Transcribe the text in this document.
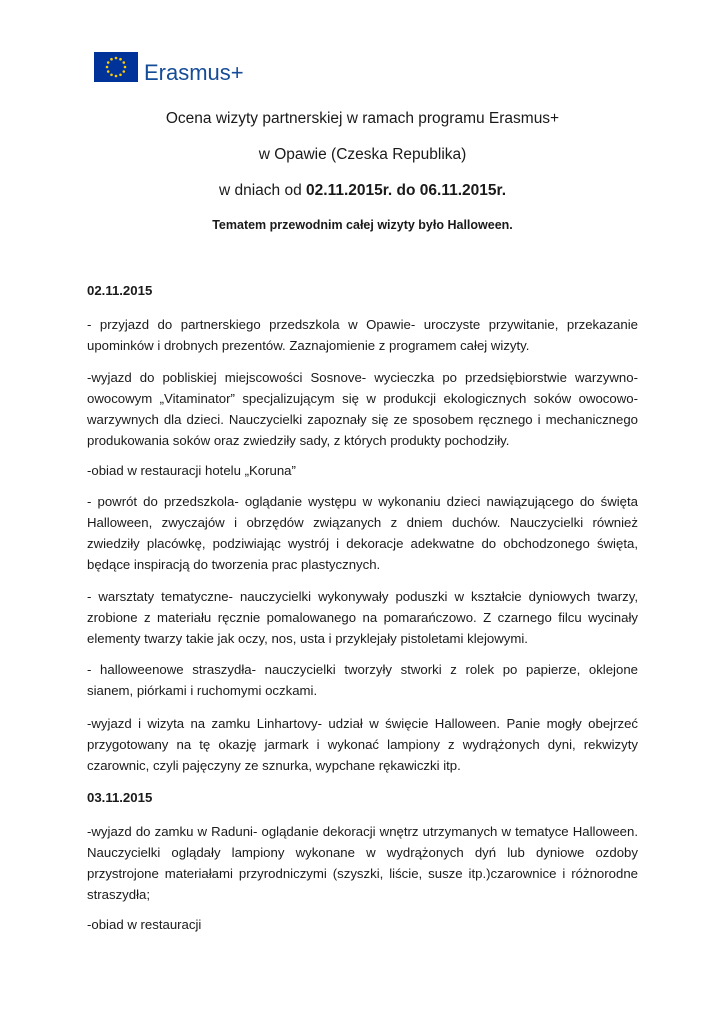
Erasmus+
Ocena wizyty partnerskiej w ramach programu Erasmus+
w Opawie (Czeska Republika)
w dniach od 02.11.2015r. do 06.11.2015r.
Tematem przewodnim całej wizyty było Halloween.
02.11.2015

- przyjazd do partnerskiego przedszkola w Opawie- uroczyste przywitanie, przekazanie upominków i drobnych prezentów. Zaznajomienie z programem całej wizyty.

-wyjazd do pobliskiej miejscowości Sosnove- wycieczka po przedsiębiorstwie warzywno-owocowym „Vitaminator” specjalizującym się w produkcji ekologicznych soków owocowo-warzywnych dla dzieci. Nauczycielki zapoznały się ze sposobem ręcznego i mechanicznego produkowania soków oraz zwiedziły sady, z których produkty pochodziły.

-obiad w restauracji hotelu „Koruna”

- powrót do przedszkola- oglądanie występu w wykonaniu dzieci nawiązującego do święta Halloween, zwyczajów i obrzędów związanych z dniem duchów. Nauczycielki również zwiedziły placówkę, podziwiając wystrój i dekoracje adekwatne do obchodzonego święta, będące inspiracją do tworzenia prac plastycznych.

- warsztaty tematyczne- nauczycielki wykonywały poduszki w kształcie dyniowych twarzy, zrobione z materiału ręcznie pomalowanego na pomarańczowo. Z czarnego filcu wycinały elementy twarzy takie jak oczy, nos, usta i przyklejały pistoletami klejowymi.

- halloweenowe straszydła- nauczycielki tworzyły stworki z rolek po papierze, oklejone sianem, piórkami i ruchomymi oczkami.

-wyjazd i wizyta na zamku Linhartovy- udział w święcie Halloween. Panie mogły obejrzeć przygotowany na tę okazję jarmark i wykonać lampiony z wydrążonych dyni, rekwizyty czarownic, czyli pajęczyny ze sznurka, wypchane rękawiczki itp.

03.11.2015

-wyjazd do zamku w Raduni- oglądanie dekoracji wnętrz utrzymanych w tematyce Halloween. Nauczycielki oglądały lampiony wykonane w wydrążonych dyń lub dyniowe ozdoby przystrojone materiałami przyrodniczymi (szyszki, liście, susze itp.)czarownice i różnorodne straszydła;

-obiad w restauracji
